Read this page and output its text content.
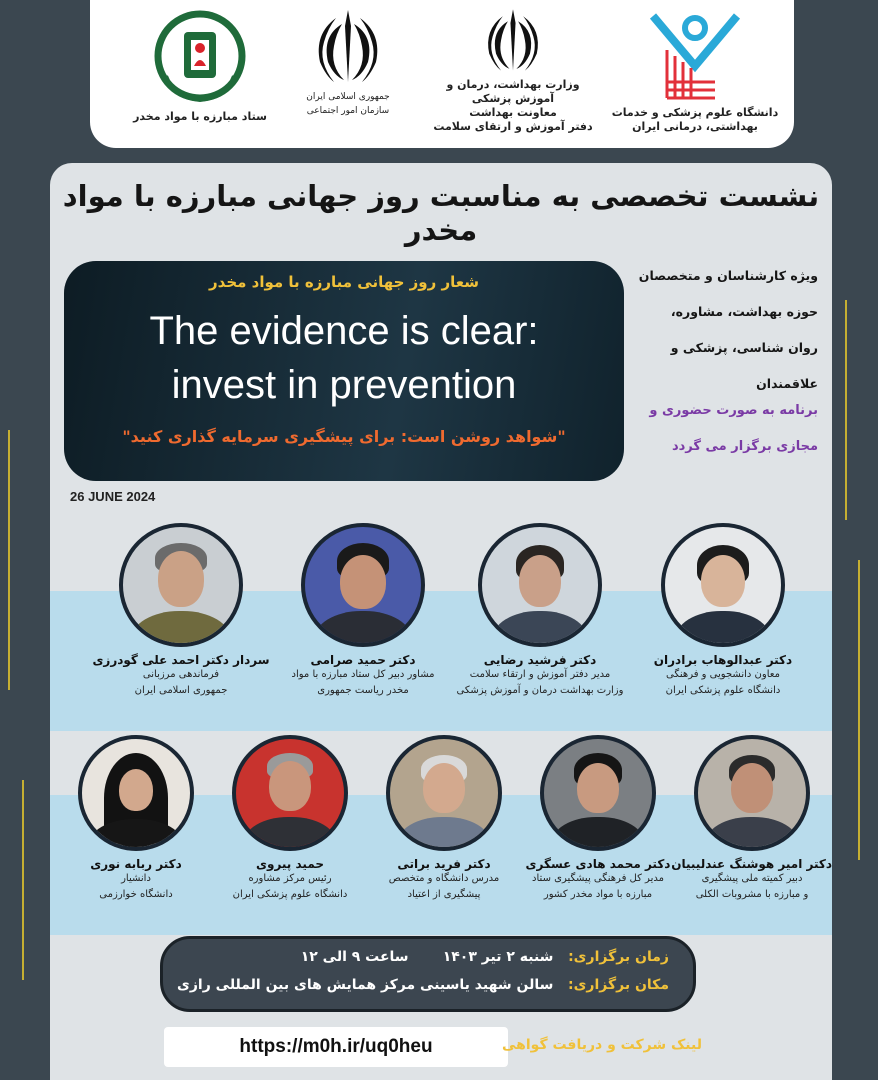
ستاد مبارزه با مواد مخدر
جمهوری اسلامی ایران
سازمان امور اجتماعی
وزارت بهداشت، درمان و آموزش پزشکی
معاونت بهداشت
دفتر آموزش و ارتقای سلامت
دانشگاه علوم پزشکی و خدمات بهداشتی، درمانی ایران
نشست تخصصی به مناسبت روز جهانی مبارزه با مواد مخدر
شعار روز جهانی مبارزه با مواد مخدر
The evidence is clear:
invest in prevention
"شواهد روشن است: برای پیشگیری سرمایه گذاری کنید"
26 JUNE 2024
ویژه کارشناسان و متخصصان
حوزه بهداشت، مشاوره،
روان شناسی، پزشکی و علاقمندان
برنامه به صورت حضوری و
مجازی برگزار می گردد
دکتر عبدالوهاب برادران
معاون دانشجویی و فرهنگی
دانشگاه علوم پزشکی ایران
دکتر فرشید رضایی
مدیر دفتر آموزش و ارتقاء سلامت
وزارت بهداشت درمان و آموزش پزشکی
دکتر حمید صرامی
مشاور دبیر کل ستاد مبارزه با مواد
مخدر ریاست جمهوری
سردار دکتر احمد علی گودرزی
فرماندهی مرزبانی
جمهوری اسلامی ایران
دکتر امیر هوشنگ عندلیبیان
دبیر کمیته ملی پیشگیری
و مبارزه با مشروبات الکلی
دکتر محمد هادی عسگری
مدیر کل فرهنگی پیشگیری ستاد
مبارزه با مواد مخدر کشور
دکتر فرید براتی
مدرس دانشگاه و متخصص
پیشگیری از اعتیاد
حمید پیروی
رئیس مرکز مشاوره
دانشگاه علوم پزشکی ایران
دکتر ربابه نوری
دانشیار
دانشگاه خوارزمی
زمان برگزاری:   شنبه ۲ تیر ۱۴۰۳       ساعت ۹ الی ۱۲
مکان برگزاری:   سالن شهید یاسینی مرکز همایش های بین المللی رازی
https://m0h.ir/uq0heu	لینک شرکت و دریافت گواهی
